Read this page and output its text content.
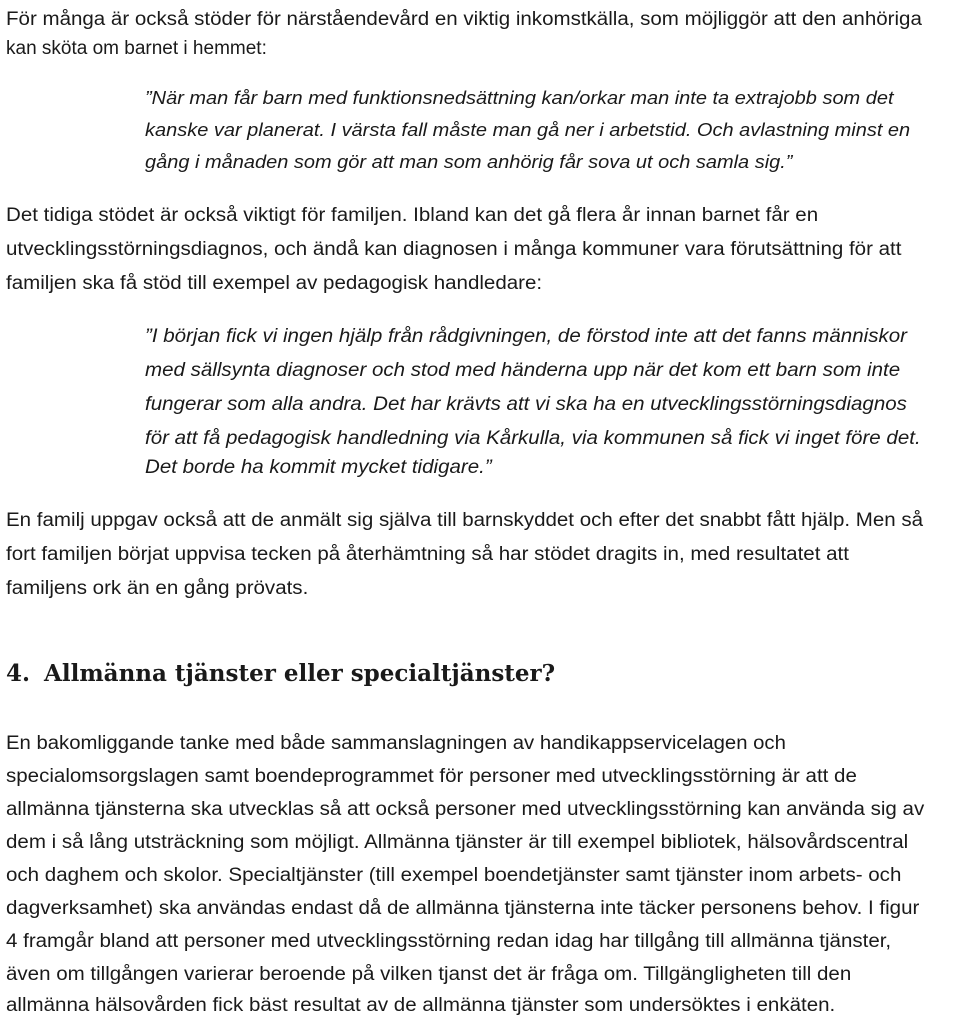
För många är också stöder för närståendevård en viktig inkomstkälla, som möjliggör att den anhöriga

kan sköta om barnet i hemmet:

”När man får barn med funktionsnedsättning kan/orkar man inte ta extrajobb som det

kanske var planerat. I värsta fall måste man gå ner i arbetstid. Och avlastning minst en

gång i månaden som gör att man som anhörig får sova ut och samla sig.”

Det tidiga stödet är också viktigt för familjen. Ibland kan det gå flera år innan barnet får en

utvecklingsstörningsdiagnos, och ändå kan diagnosen i många kommuner vara förutsättning för att

familjen ska få stöd till exempel av pedagogisk handledare:

”I början fick vi ingen hjälp från rådgivningen, de förstod inte att det fanns människor

med sällsynta diagnoser och stod med händerna upp när det kom ett barn som inte

fungerar som alla andra. Det har krävts att vi ska ha en utvecklingsstörningsdiagnos

för att få pedagogisk handledning via Kårkulla, via kommunen så fick vi inget före det.

Det borde ha kommit mycket tidigare.”

En familj uppgav också att de anmält sig själva till barnskyddet och efter det snabbt fått hjälp. Men så

fort familjen börjat uppvisa tecken på återhämtning så har stödet dragits in, med resultatet att

familjens ork än en gång prövats.

4. Allmänna tjänster eller specialtjänster?

En bakomliggande tanke med både sammanslagningen av handikappservicelagen och

specialomsorgslagen samt boendeprogrammet för personer med utvecklingsstörning är att de

allmänna tjänsterna ska utvecklas så att också personer med utvecklingsstörning kan använda sig av

dem i så lång utsträckning som möjligt. Allmänna tjänster är till exempel bibliotek, hälsovårdscentral

och daghem och skolor. Specialtjänster (till exempel boendetjänster samt tjänster inom arbets- och

dagverksamhet) ska användas endast då de allmänna tjänsterna inte täcker personens behov. I figur

4 framgår bland att personer med utvecklingsstörning redan idag har tillgång till allmänna tjänster,

även om tillgången varierar beroende på vilken tjanst det är fråga om. Tillgängligheten till den

allmänna hälsovården fick bäst resultat av de allmänna tjänster som undersöktes i enkäten.
